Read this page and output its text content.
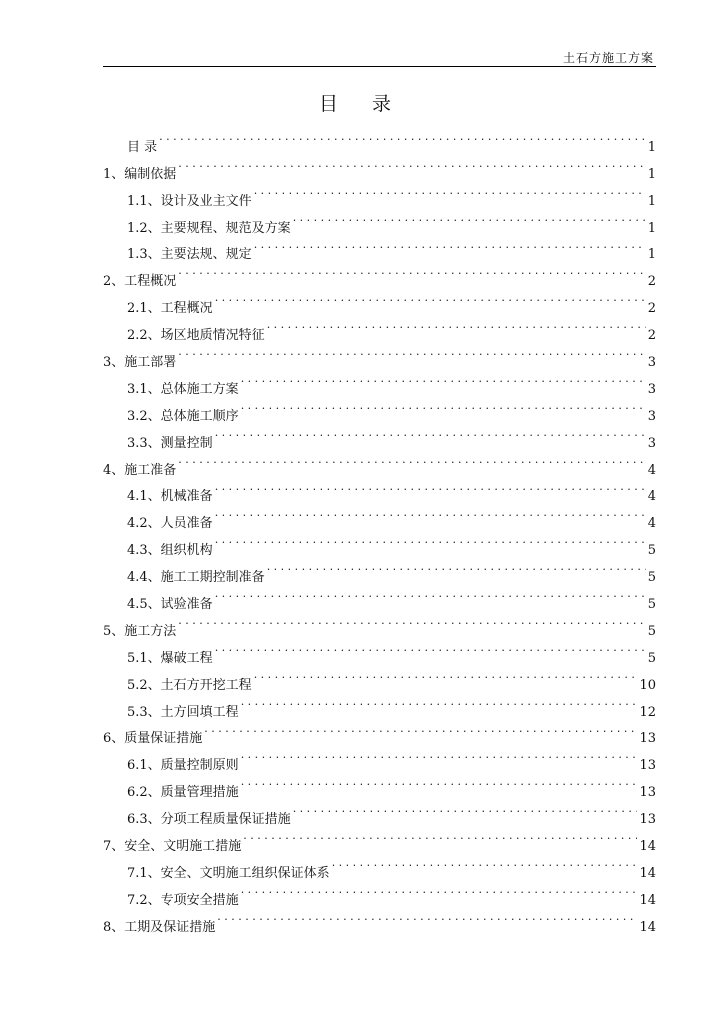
土石方施工方案
目 录
目 录 . . .	1
1、编制依据 . . .	1
1.1、设计及业主文件 . . .	1
1.2、主要规程、规范及方案 . . .	1
1.3、主要法规、规定 . . .	1
2、工程概况 . . .	2
2.1、工程概况 . . .	2
2.2、场区地质情况特征 . . .	2
3、施工部署 . . .	3
3.1、总体施工方案 . . .	3
3.2、总体施工顺序 . . .	3
3.3、测量控制 . . .	3
4、施工准备 . . .	4
4.1、机械准备 . . .	4
4.2、人员准备 . . .	4
4.3、组织机构 . . .	5
4.4、施工工期控制准备 . . .	5
4.5、试验准备 . . .	5
5、施工方法 . . .	5
5.1、爆破工程 . . .	5
5.2、土石方开挖工程 . . .	10
5.3、土方回填工程 . . .	12
6、质量保证措施 . . .	13
6.1、质量控制原则 . . .	13
6.2、质量管理措施 . . .	13
6.3、分项工程质量保证措施 . . .	13
7、安全、文明施工措施 . . .	14
7.1、安全、文明施工组织保证体系 . . .	14
7.2、专项安全措施 . . .	14
8、工期及保证措施 . . .	14
